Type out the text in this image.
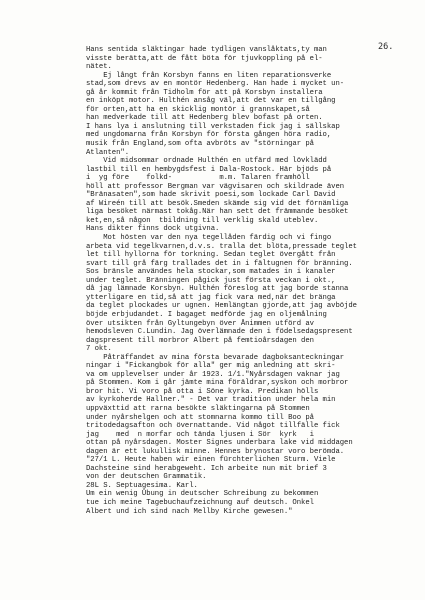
26.
Hans sentida släktingar hade tydligen vanslåktats,ty man
visste berätta,att de fått böta för tjuvkoppling på el-
nätet.
Ej långt från Korsbyn fanns en liten reparationsverke
stad,som drevs av en montör Hedenberg. Han hade i mycket un-
gå år kommit från Tidholm för att på Korsbyn installera
en inköpt motor. Hulthén ansåg väl,att det var en tillgång
för orten,att ha en skicklig montör i grannskapet,så
han medverkade till att Hedenberg blev bofast på orten.
I hans lya i anslutning till verkstaden fick jag i sällskap
med ungdomarna från Korsbyn för första gången höra radio,
musik från England,som ofta avbröts av "störningar på
Atlanten".
Vid midsommar ordnade Hulthén en utfärd med lövklädd
lastbil till en hembygdsfest i Dala-Rostock. Här bjöds på
i  yg före    folkd-           m.m. Talaren framhöll
höll att professor Bergman var vägvisaren och skildrade även
"Bränasaten",som hade skrivit poesi,som lockade Carl David
af Wireén till att besök.Smeden skämde sig vid det förnämliga
liga besöket närmast tokåg.När han sett det främmande besöket
ket,en,så någon  tbildning till verklig skald uteblev.
Hans dikter finns dock utgivna.
Mot hösten var den nya tegellåden färdig och vi fingo
arbeta vid tegelkvarnen,d.v.s. tralla det blöta,pressade teglet
let till hyllorna för torkning. Sedan teglet övergått från
svart till grå färg trallades det in i fältugnen för bränning.
Sos bränsle användes hela stockar,som matades in i kanaler
under teglet. Bränningen pågick just första veckan i okt.,
då jag lämnade Korsbyn. Hulthén föreslog att jag borde stanna
ytterligare en tid,så att jag fick vara med,när det bränga
da teglet plockades ur ugnen. Hemlängtan gjorde,att jag avböjde
böjde erbjudandet. I bagaget medförde jag en oljemålning
över utsikten från Gyltungebyn över Ånimmen utförd av
hemodsleven C.Lundin. Jag överlämnade den i födelsedagspresent
dagspresent till morbror Albert på femtioårsdagen den
7 okt.
Påträffandet av mina första bevarade dagboksanteckningar
ningar i "Fickangbok för alla" ger mig anledning att skri-
va om upplevelser under år 1923. 1/1."Nyårsdagen vaknar jag
på Stommen. Kom i går jämte mina föräldrar,syskon och morbror
bror hit. Vi voro på otta i Söne kyrka. Predikan hölls
av kyrkoherde Hallner." - Det var tradition under hela min
uppväxttid att rarna besökte släktingarna på Stommen
under nyårshelgen och att stomnarna kommo till Boo på
tritodedagsafton och övernattande. Vid något tillfälle fick
jag    med  n morfar och tända ljusen i Sör  kyrk   i
ottan på nyårsdagen. Moster Signes underbara lake vid middagen
dagen är ett lukullisk minne. Hennes brynostar voro berömda.
"27/1 L. Heute haben wir einen fürchterlichen Sturm. Viele
Dachsteine sind herabgeweht. Ich arbeite nun mit brief 3
von der deutschen Grammatik.
28L S. Septuagesima. Karl.
Um ein wenig Übung in deutscher Schreibung zu bekommen
tue ich meine Tagebuchaufzeichnung auf deutsch. Onkel
Albert und ich sind nach Mellby Kirche gewesen."
